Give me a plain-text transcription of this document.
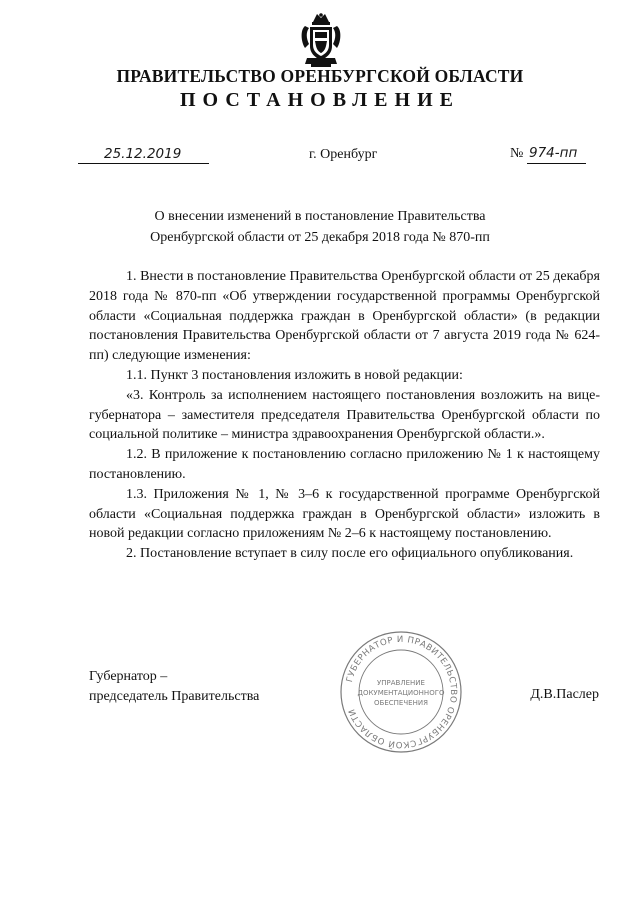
ПРАВИТЕЛЬСТВО ОРЕНБУРГСКОЙ ОБЛАСТИ
ПОСТАНОВЛЕНИЕ
25.12.2019	г. Оренбург	№ 974-пп
О внесении изменений в постановление Правительства
Оренбургской области от 25 декабря 2018 года № 870-пп

1. Внести в постановление Правительства Оренбургской области от 25 декабря 2018 года № 870-пп «Об утверждении государственной программы Оренбургской области «Социальная поддержка граждан в Оренбургской области» (в редакции постановления Правительства Оренбургской области от 7 августа 2019 года № 624-пп) следующие изменения:

1.1. Пункт 3 постановления изложить в новой редакции:

«3. Контроль за исполнением настоящего постановления возложить на вице-губернатора – заместителя председателя Правительства Оренбургской области по социальной политике – министра здравоохранения Оренбургской области.».

1.2. В приложение к постановлению согласно приложению № 1 к настоящему постановлению.

1.3. Приложения № 1, № 3–6 к государственной программе Оренбургской области «Социальная поддержка граждан в Оренбургской области» изложить в новой редакции согласно приложениям № 2–6 к настоящему постановлению.

2. Постановление вступает в силу после его официального опубликования.

Губернатор –
председатель Правительства	Д.В.Паслер
ГУБЕРНАТОР И ПРАВИТЕЛЬСТВО ОРЕНБУРГСКОЙ ОБЛАСТИ
УПРАВЛЕНИЕ
ДОКУМЕНТАЦИОННОГО
ОБЕСПЕЧЕНИЯ
